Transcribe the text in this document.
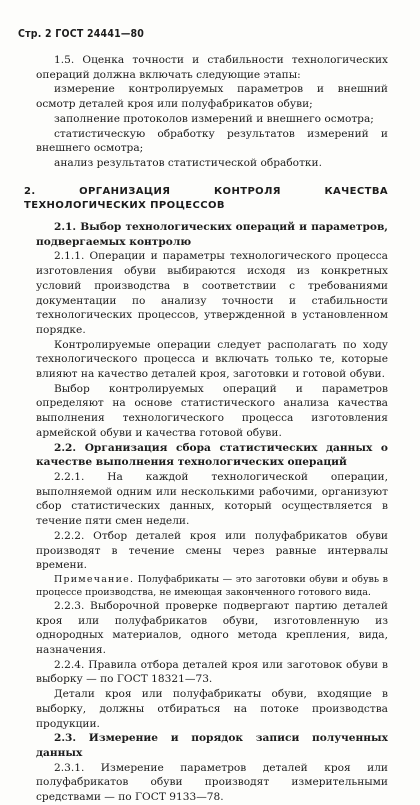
Стр. 2 ГОСТ 24441—80

1.5. Оценка точности и стабильности технологических операций должна включать следующие этапы:

измерение контролируемых параметров и внешний осмотр деталей кроя или полуфабрикатов обуви;

заполнение протоколов измерений и внешнего осмотра;

статистическую обработку результатов измерений и внешнего осмотра;

анализ результатов статистической обработки.

2. ОРГАНИЗАЦИЯ КОНТРОЛЯ КАЧЕСТВА ТЕХНОЛОГИЧЕСКИХ ПРОЦЕССОВ

2.1. Выбор технологических операций и параметров, подвергаемых контролю

2.1.1. Операции и параметры технологического процесса изготовления обуви выбираются исходя из конкретных условий производства в соответствии с требованиями документации по анализу точности и стабильности технологических процессов, утвержденной в установленном порядке.

Контролируемые операции следует располагать по ходу технологического процесса и включать только те, которые влияют на качество деталей кроя, заготовки и готовой обуви.

Выбор контролируемых операций и параметров определяют на основе статистического анализа качества выполнения технологического процесса изготовления армейской обуви и качества готовой обуви.

2.2. Организация сбора статистических данных о качестве выполнения технологических операций

2.2.1. На каждой технологической операции, выполняемой одним или несколькими рабочими, организуют сбор статистических данных, который осуществляется в течение пяти смен недели.

2.2.2. Отбор деталей кроя или полуфабрикатов обуви производят в течение смены через равные интервалы времени.

Примечание. Полуфабрикаты — это заготовки обуви и обувь в процессе производства, не имеющая законченного готового вида.

2.2.3. Выборочной проверке подвергают партию деталей кроя или полуфабрикатов обуви, изготовленную из однородных материалов, одного метода крепления, вида, назначения.

2.2.4. Правила отбора деталей кроя или заготовок обуви в выборку — по ГОСТ 18321—73.

Детали кроя или полуфабрикаты обуви, входящие в выборку, должны отбираться на потоке производства продукции.

2.3. Измерение и порядок записи полученных данных

2.3.1. Измерение параметров деталей кроя или полуфабрикатов обуви производят измерительными средствами — по ГОСТ 9133—78.
